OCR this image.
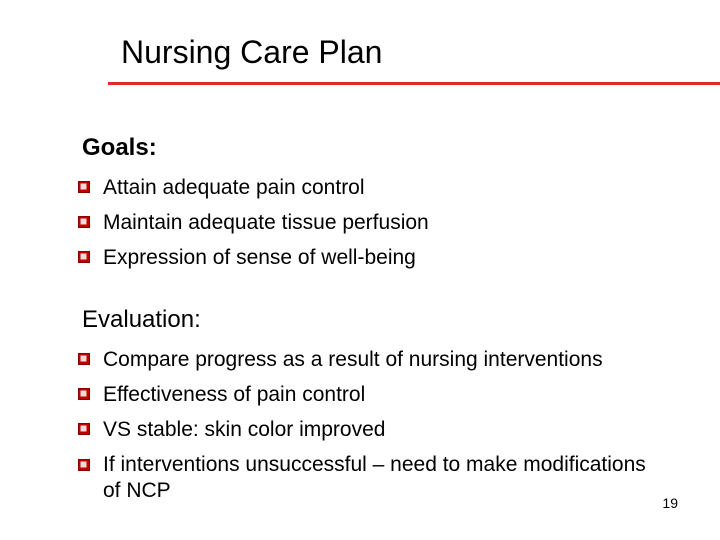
Nursing Care Plan
Goals:
Attain adequate pain control
Maintain adequate tissue perfusion
Expression of sense of well-being
Evaluation:
Compare progress as a result of nursing interventions
Effectiveness of pain control
VS stable: skin color improved
If interventions unsuccessful – need to make modifications of NCP
19
